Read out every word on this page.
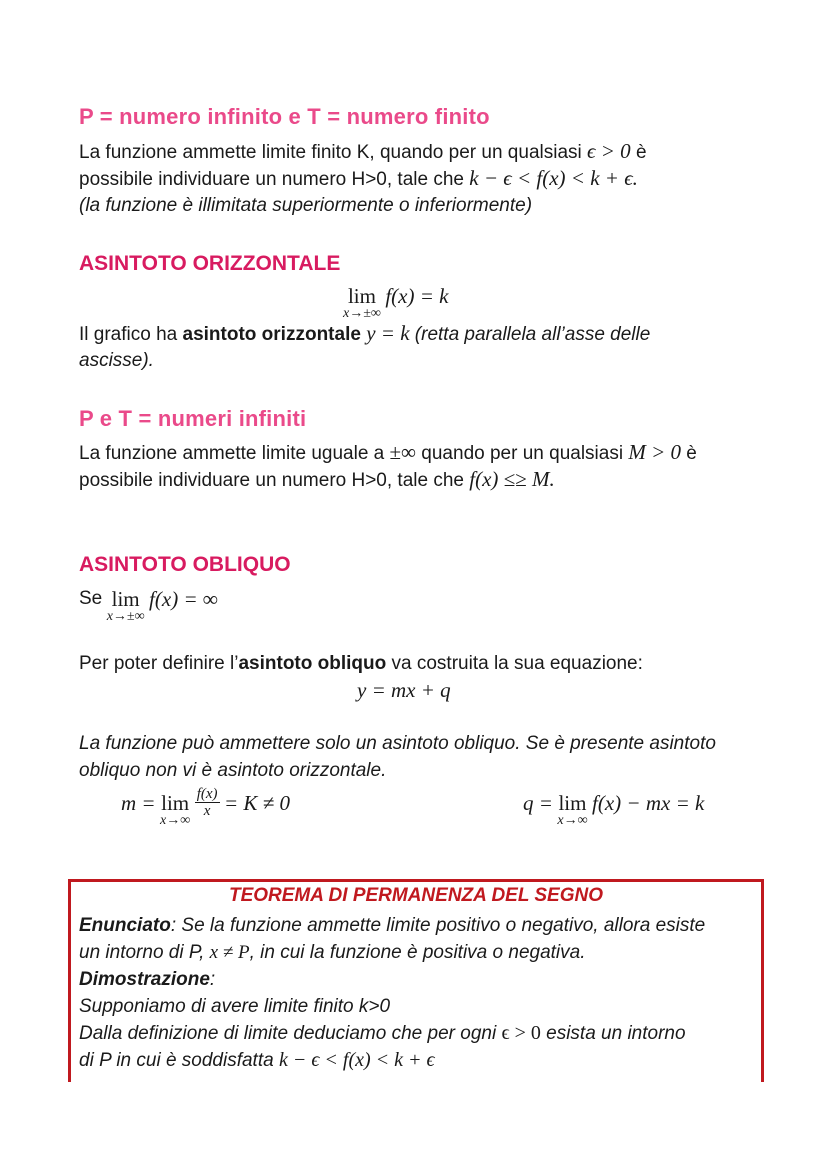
P = numero infinito e T = numero finito
La funzione ammette limite finito K, quando per un qualsiasi ϵ > 0 è
possibile individuare un numero H>0, tale che k − ϵ < f(x) < k + ϵ.
(la funzione è illimitata superiormente o inferiormente)
ASINTOTO ORIZZONTALE
lim
x→±∞
f(x) = k
Il grafico ha asintoto orizzontale y = k (retta parallela all’asse delle
ascisse).
P e T = numeri infiniti
La funzione ammette limite uguale a ±∞ quando per un qualsiasi M > 0 è
possibile individuare un numero H>0, tale che f(x) ≤≥ M.
ASINTOTO OBLIQUO
Se lim
x→±∞
f(x) = ∞
Per poter definire l’asintoto obliquo va costruita la sua equazione:
y = mx + q
La funzione può ammettere solo un asintoto obliquo. Se è presente asintoto
obliquo non vi è asintoto orizzontale.
m = lim
x→∞

$\frac{f(x)}{x} = K \ne 0$	q = lim
x→∞
f(x) − mx = k
TEOREMA DI PERMANENZA DEL SEGNO
Enunciato: Se la funzione ammette limite positivo o negativo, allora esiste
un intorno di P, x ≠ P, in cui la funzione è positiva o negativa.
Dimostrazione:
Supponiamo di avere limite finito k>0
Dalla definizione di limite deduciamo che per ogni ϵ > 0 esista un intorno
di P in cui è soddisfatta k − ϵ < f(x) < k + ϵ
